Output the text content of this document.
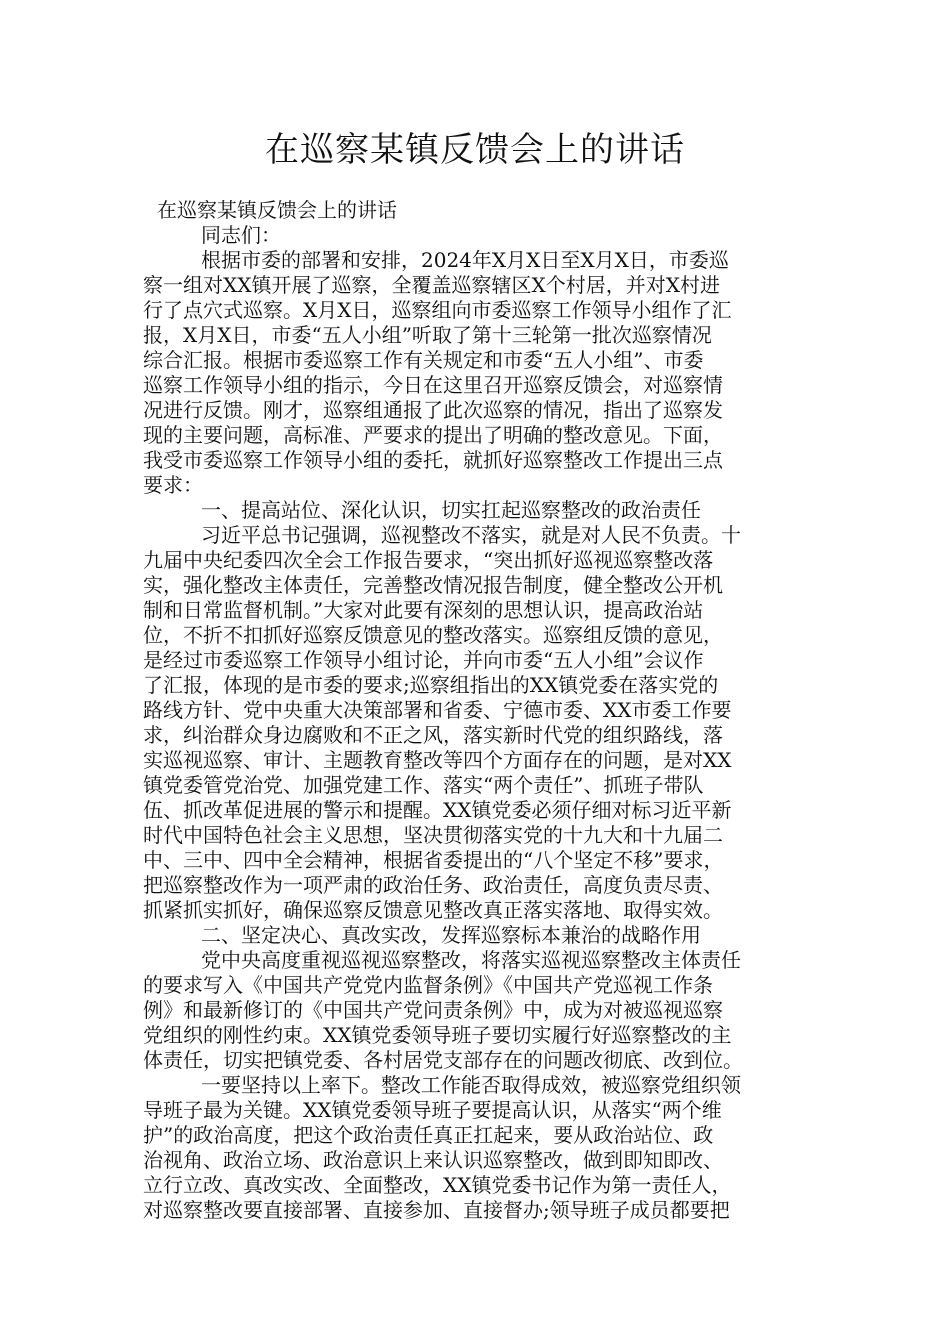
在巡察某镇反馈会上的讲话
在巡察某镇反馈会上的讲话
同志们：
根据市委的部署和安排，2024年X月X日至X月X日，市委巡
察一组对XX镇开展了巡察，全覆盖巡察辖区X个村居，并对X村进
行了点穴式巡察。X月X日，巡察组向市委巡察工作领导小组作了汇
报，X月X日，市委“五人小组”听取了第十三轮第一批次巡察情况
综合汇报。根据市委巡察工作有关规定和市委“五人小组”、市委
巡察工作领导小组的指示，今日在这里召开巡察反馈会，对巡察情
况进行反馈。刚才，巡察组通报了此次巡察的情况，指出了巡察发
现的主要问题，高标准、严要求的提出了明确的整改意见。下面，
我受市委巡察工作领导小组的委托，就抓好巡察整改工作提出三点
要求：
一、提高站位、深化认识，切实扛起巡察整改的政治责任
习近平总书记强调，巡视整改不落实，就是对人民不负责。十
九届中央纪委四次全会工作报告要求，“突出抓好巡视巡察整改落
实，强化整改主体责任，完善整改情况报告制度，健全整改公开机
制和日常监督机制。”大家对此要有深刻的思想认识，提高政治站
位，不折不扣抓好巡察反馈意见的整改落实。巡察组反馈的意见，
是经过市委巡察工作领导小组讨论，并向市委“五人小组”会议作
了汇报，体现的是市委的要求;巡察组指出的XX镇党委在落实党的
路线方针、党中央重大决策部署和省委、宁德市委、XX市委工作要
求，纠治群众身边腐败和不正之风，落实新时代党的组织路线，落
实巡视巡察、审计、主题教育整改等四个方面存在的问题，是对XX
镇党委管党治党、加强党建工作、落实“两个责任”、抓班子带队
伍、抓改革促进展的警示和提醒。XX镇党委必须仔细对标习近平新
时代中国特色社会主义思想，坚决贯彻落实党的十九大和十九届二
中、三中、四中全会精神，根据省委提出的“八个坚定不移”要求，
把巡察整改作为一项严肃的政治任务、政治责任，高度负责尽责、
抓紧抓实抓好，确保巡察反馈意见整改真正落实落地、取得实效。
二、坚定决心、真改实改，发挥巡察标本兼治的战略作用
党中央高度重视巡视巡察整改，将落实巡视巡察整改主体责任
的要求写入《中国共产党党内监督条例》《中国共产党巡视工作条
例》和最新修订的《中国共产党问责条例》中，成为对被巡视巡察
党组织的刚性约束。XX镇党委领导班子要切实履行好巡察整改的主
体责任，切实把镇党委、各村居党支部存在的问题改彻底、改到位。
一要坚持以上率下。整改工作能否取得成效，被巡察党组织领
导班子最为关键。XX镇党委领导班子要提高认识，从落实“两个维
护”的政治高度，把这个政治责任真正扛起来，要从政治站位、政
治视角、政治立场、政治意识上来认识巡察整改，做到即知即改、
立行立改、真改实改、全面整改，XX镇党委书记作为第一责任人，
对巡察整改要直接部署、直接参加、直接督办;领导班子成员都要把
